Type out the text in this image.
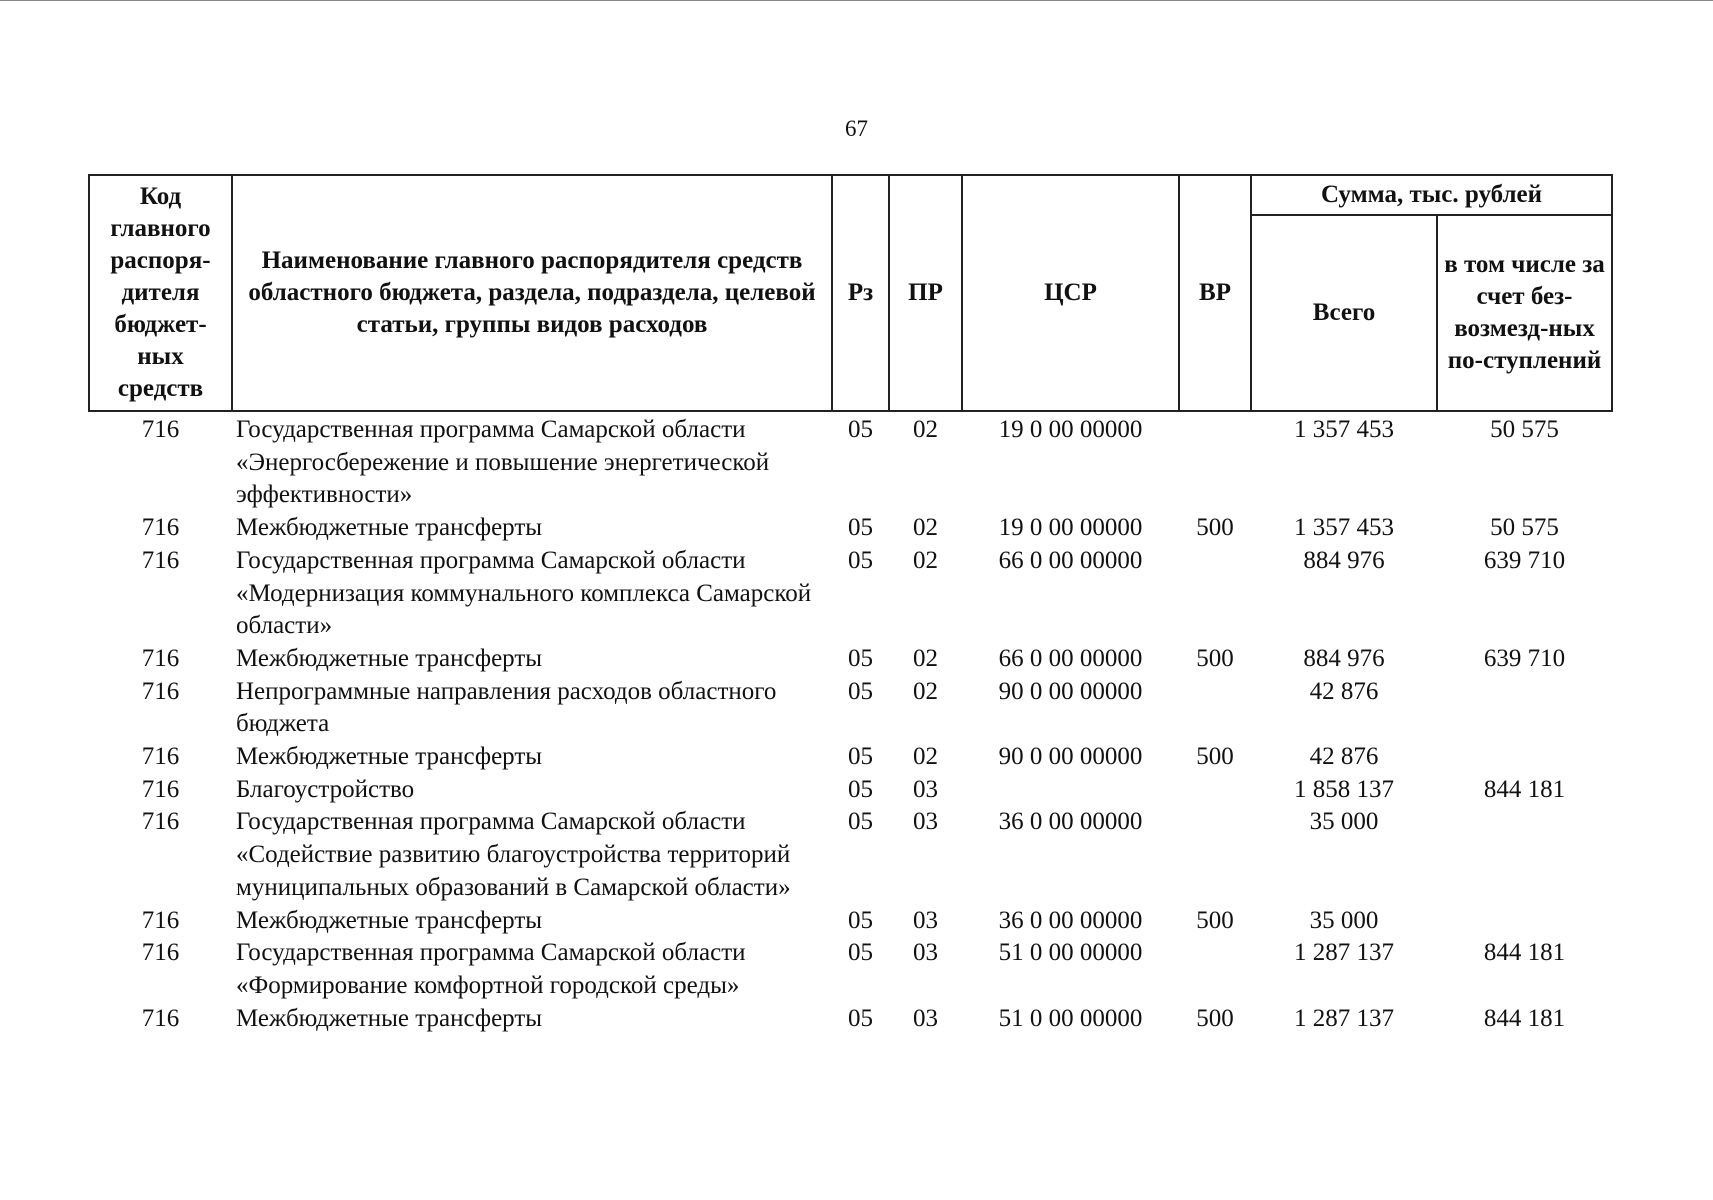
67
Код главного распоря-дителя бюджет-ных средств	Наименование главного распорядителя средств областного бюджета, раздела, подраздела, целевой статьи, группы видов расходов	Рз	ПР	ЦСР	ВР	Сумма, тыс. рублей	
						Всего	в том числе за счет без-возмезд-ных по-ступлений
716	Государственная программа Самарской области «Энергосбережение и повышение энергетической эффективности»	05	02	19 0 00 00000		1 357 453	50 575
716	Межбюджетные трансферты	05	02	19 0 00 00000	500	1 357 453	50 575
716	Государственная программа Самарской области «Модернизация коммунального комплекса Самарской области»	05	02	66 0 00 00000		884 976	639 710
716	Межбюджетные трансферты	05	02	66 0 00 00000	500	884 976	639 710
716	Непрограммные направления расходов областного бюджета	05	02	90 0 00 00000		42 876	
716	Межбюджетные трансферты	05	02	90 0 00 00000	500	42 876	
716	Благоустройство	05	03			1 858 137	844 181
716	Государственная программа Самарской области «Содействие развитию благоустройства территорий муниципальных образований в Самарской области»	05	03	36 0 00 00000		35 000	
716	Межбюджетные трансферты	05	03	36 0 00 00000	500	35 000	
716	Государственная программа Самарской области «Формирование комфортной городской среды»	05	03	51 0 00 00000		1 287 137	844 181
716	Межбюджетные трансферты	05	03	51 0 00 00000	500	1 287 137	844 181
